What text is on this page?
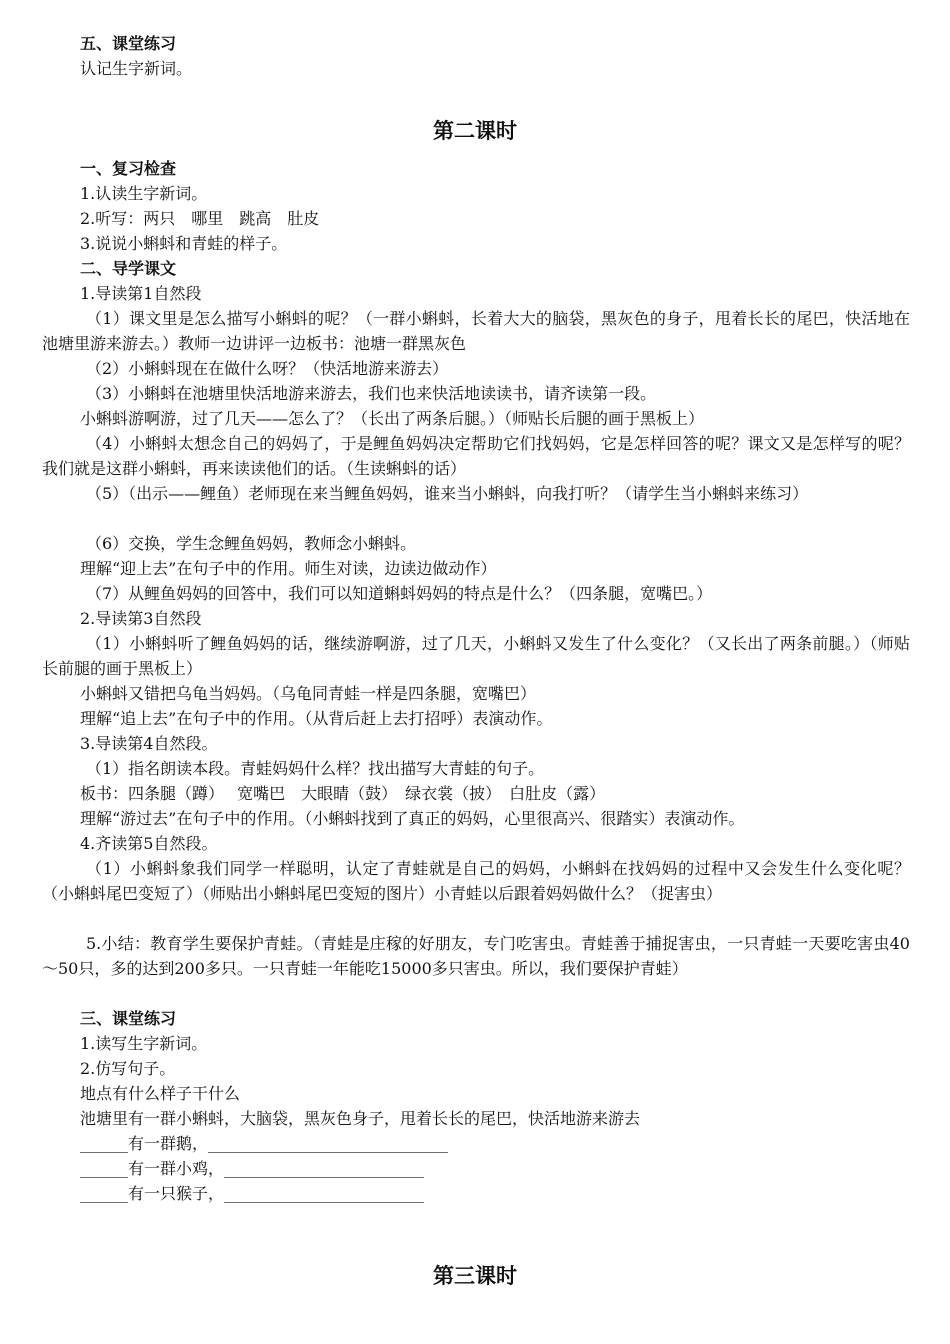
五、课堂练习
认记生字新词。
第二课时
一、复习检查
1.认读生字新词。
2.听写：两只　哪里　跳高　肚皮
3.说说小蝌蚪和青蛙的样子。
二、导学课文
1.导读第1自然段
（1）课文里是怎么描写小蝌蚪的呢？（一群小蝌蚪，长着大大的脑袋，黑灰色的身子，甩着长长的尾巴，快活地在池塘里游来游去。）教师一边讲评一边板书：池塘一群黑灰色
（2）小蝌蚪现在在做什么呀？（快活地游来游去）
（3）小蝌蚪在池塘里快活地游来游去，我们也来快活地读读书，请齐读第一段。
小蝌蚪游啊游，过了几天——怎么了？（长出了两条后腿。）（师贴长后腿的画于黑板上）
（4）小蝌蚪太想念自己的妈妈了，于是鲤鱼妈妈决定帮助它们找妈妈，它是怎样回答的呢？课文又是怎样写的呢？我们就是这群小蝌蚪，再来读读他们的话。（生读蝌蚪的话）
（5）（出示——鲤鱼）老师现在来当鲤鱼妈妈，谁来当小蝌蚪，向我打听？（请学生当小蝌蚪来练习）
（6）交换，学生念鲤鱼妈妈，教师念小蝌蚪。
理解“迎上去”在句子中的作用。师生对读，边读边做动作）
（7）从鲤鱼妈妈的回答中，我们可以知道蝌蚪妈妈的特点是什么？（四条腿，宽嘴巴。）
2.导读第3自然段
（1）小蝌蚪听了鲤鱼妈妈的话，继续游啊游，过了几天，小蝌蚪又发生了什么变化？（又长出了两条前腿。）（师贴长前腿的画于黑板上）
小蝌蚪又错把乌龟当妈妈。（乌龟同青蛙一样是四条腿，宽嘴巴）
理解“追上去”在句子中的作用。（从背后赶上去打招呼）表演动作。
3.导读第4自然段。
（1）指名朗读本段。青蛙妈妈什么样？找出描写大青蛙的句子。
板书：四条腿（蹲）　 宽嘴巴　大眼睛（鼓）　绿衣裳（披）　白肚皮（露）
理解“游过去”在句子中的作用。（小蝌蚪找到了真正的妈妈，心里很高兴、很踏实）表演动作。
4.齐读第5自然段。
（1）小蝌蚪象我们同学一样聪明，认定了青蛙就是自己的妈妈，小蝌蚪在找妈妈的过程中又会发生什么变化呢？（小蝌蚪尾巴变短了）（师贴出小蝌蚪尾巴变短的图片）小青蛙以后跟着妈妈做什么？（捉害虫）
5.小结：教育学生要保护青蛙。（青蛙是庄稼的好朋友，专门吃害虫。青蛙善于捕捉害虫，一只青蛙一天要吃害虫40～50只，多的达到200多只。一只青蛙一年能吃15000多只害虫。所以，我们要保护青蛙）
三、课堂练习
1.读写生字新词。
2.仿写句子。
地点有什么样子干什么
池塘里有一群小蝌蚪，大脑袋，黑灰色身子，甩着长长的尾巴，快活地游来游去
______有一群鹅，______________________________
______有一群小鸡，_________________________
______有一只猴子，_________________________
第三课时
